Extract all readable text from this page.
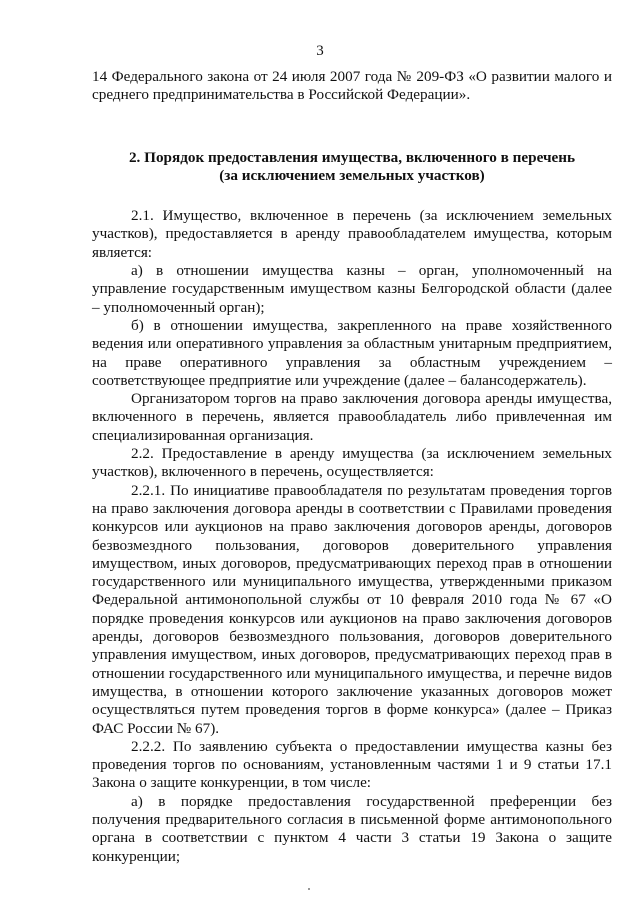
3

14 Федерального закона от 24 июля 2007 года № 209-ФЗ «О развитии малого и среднего предпринимательства в Российской Федерации».

2. Порядок предоставления имущества, включенного в перечень
(за исключением земельных участков)

2.1. Имущество, включенное в перечень (за исключением земельных участков), предоставляется в аренду правообладателем имущества, которым является:

а) в отношении имущества казны – орган, уполномоченный на управление государственным имуществом казны Белгородской области (далее – уполномоченный орган);

б) в отношении имущества, закрепленного на праве хозяйственного ведения или оперативного управления за областным унитарным предприятием, на праве оперативного управления за областным учреждением – соответствующее предприятие или учреждение (далее – балансодержатель).

Организатором торгов на право заключения договора аренды имущества, включенного в перечень, является правообладатель либо привлеченная им специализированная организация.

2.2. Предоставление в аренду имущества (за исключением земельных участков), включенного в перечень, осуществляется:

2.2.1. По инициативе правообладателя по результатам проведения торгов на право заключения договора аренды в соответствии с Правилами проведения конкурсов или аукционов на право заключения договоров аренды, договоров безвозмездного пользования, договоров доверительного управления имуществом, иных договоров, предусматривающих переход прав в отношении государственного или муниципального имущества, утвержденными приказом Федеральной антимонопольной службы от 10 февраля 2010 года № 67 «О порядке проведения конкурсов или аукционов на право заключения договоров аренды, договоров безвозмездного пользования, договоров доверительного управления имуществом, иных договоров, предусматривающих переход прав в отношении государственного или муниципального имущества, и перечне видов имущества, в отношении которого заключение указанных договоров может осуществляться путем проведения торгов в форме конкурса» (далее – Приказ ФАС России № 67).

2.2.2. По заявлению субъекта о предоставлении имущества казны без проведения торгов по основаниям, установленным частями 1 и 9 статьи 17.1 Закона о защите конкуренции, в том числе:

а) в порядке предоставления государственной преференции без получения предварительного согласия в письменной форме антимонопольного органа в соответствии с пунктом 4 части 3 статьи 19 Закона о защите конкуренции;
